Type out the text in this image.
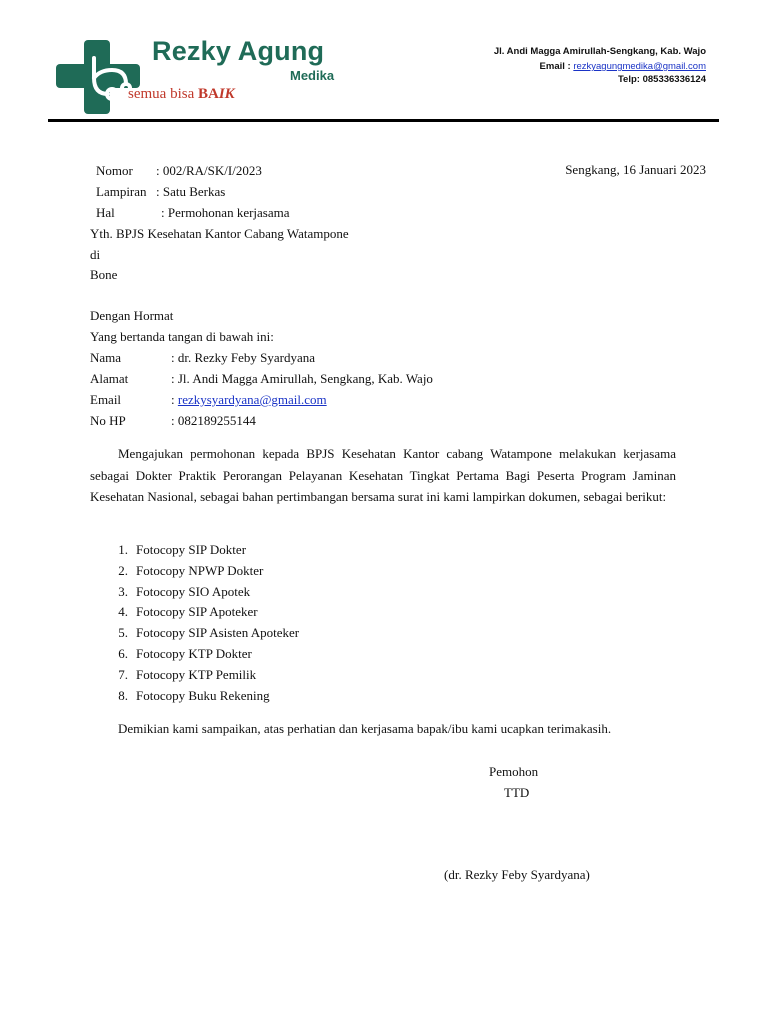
Rezky Agung
Medika
semua bisa BAIK
Jl. Andi Magga Amirullah-Sengkang, Kab. Wajo
Email : rezkyagungmedika@gmail.com
Telp: 085336336124
Nomor : 002/RA/SK/I/2023	Sengkang, 16 Januari 2023
Lampiran : Satu Berkas
Hal	: Permohonan kerjasama
Yth. BPJS Kesehatan Kantor Cabang Watampone
di
Bone
Dengan Hormat
Yang bertanda tangan di bawah ini:
Nama	: dr. Rezky Feby Syardyana
Alamat	: Jl. Andi Magga Amirullah, Sengkang, Kab. Wajo
Email	: rezkysyardyana@gmail.com
No HP	: 082189255144
Mengajukan permohonan kepada BPJS Kesehatan Kantor cabang Watampone melakukan kerjasama sebagai Dokter Praktik Perorangan Pelayanan Kesehatan Tingkat Pertama Bagi Peserta Program Jaminan Kesehatan Nasional, sebagai bahan pertimbangan bersama surat ini kami lampirkan dokumen, sebagai berikut:
1. Fotocopy SIP Dokter
2. Fotocopy NPWP Dokter
3. Fotocopy SIO Apotek
4. Fotocopy SIP Apoteker
5. Fotocopy SIP Asisten Apoteker
6. Fotocopy KTP Dokter
7. Fotocopy KTP Pemilik
8. Fotocopy Buku Rekening
Demikian kami sampaikan, atas perhatian dan kerjasama bapak/ibu kami ucapkan terimakasih.
Pemohon
TTD
(dr. Rezky Feby Syardyana)
